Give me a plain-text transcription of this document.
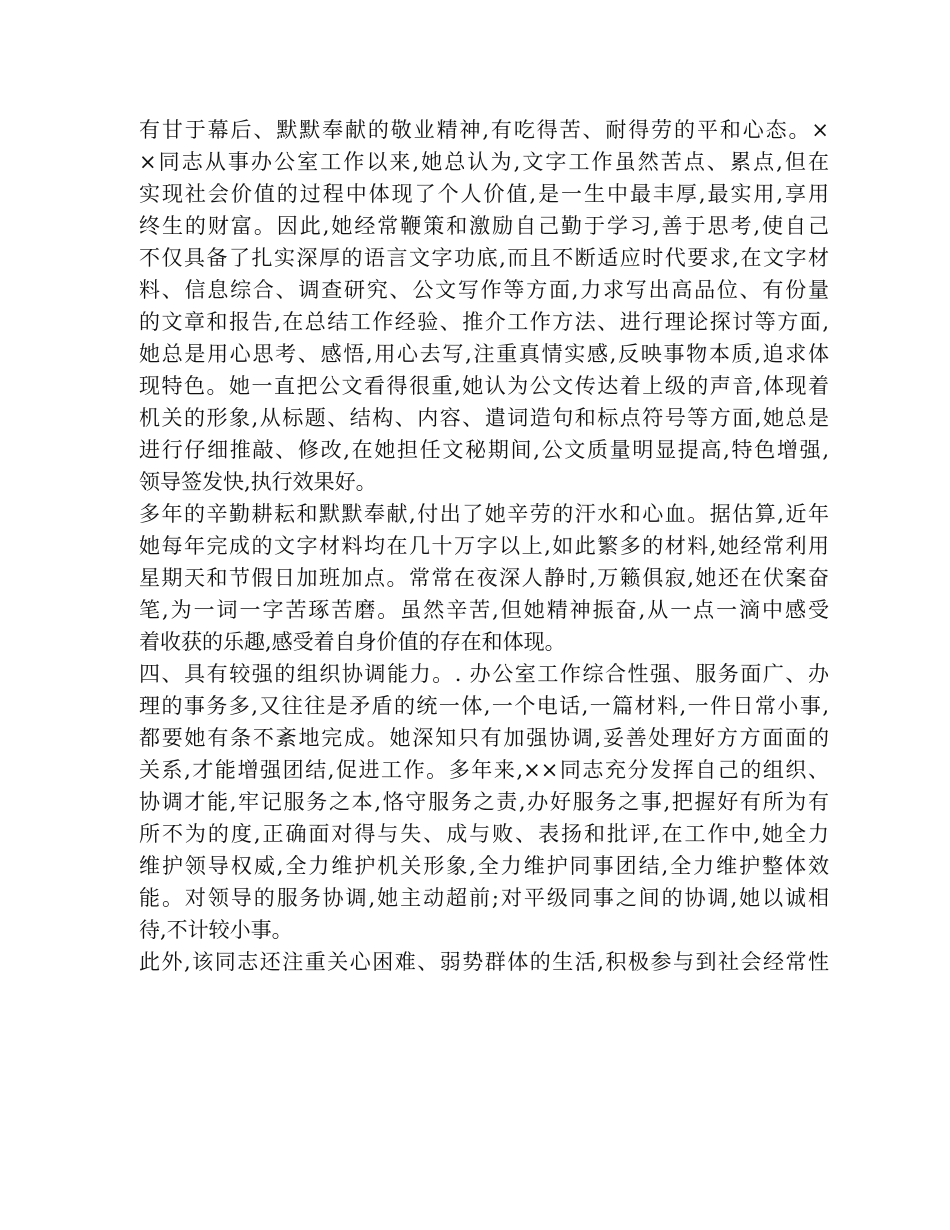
有甘于幕后、默默奉献的敬业精神,有吃得苦、耐得劳的平和心态。×
×同志从事办公室工作以来,她总认为,文字工作虽然苦点、累点,但在
实现社会价值的过程中体现了个人价值,是一生中最丰厚,最实用,享用
终生的财富。因此,她经常鞭策和激励自己勤于学习,善于思考,使自己
不仅具备了扎实深厚的语言文字功底,而且不断适应时代要求,在文字材
料、信息综合、调查研究、公文写作等方面,力求写出高品位、有份量
的文章和报告,在总结工作经验、推介工作方法、进行理论探讨等方面,
她总是用心思考、感悟,用心去写,注重真情实感,反映事物本质,追求体
现特色。她一直把公文看得很重,她认为公文传达着上级的声音,体现着
机关的形象,从标题、结构、内容、遣词造句和标点符号等方面,她总是
进行仔细推敲、修改,在她担任文秘期间,公文质量明显提高,特色增强,
领导签发快,执行效果好。
多年的辛勤耕耘和默默奉献,付出了她辛劳的汗水和心血。据估算,近年
她每年完成的文字材料均在几十万字以上,如此繁多的材料,她经常利用
星期天和节假日加班加点。常常在夜深人静时,万籁俱寂,她还在伏案奋
笔,为一词一字苦琢苦磨。虽然辛苦,但她精神振奋,从一点一滴中感受
着收获的乐趣,感受着自身价值的存在和体现。
四、具有较强的组织协调能力。. 办公室工作综合性强、服务面广、办
理的事务多,又往往是矛盾的统一体,一个电话,一篇材料,一件日常小事,
都要她有条不紊地完成。她深知只有加强协调,妥善处理好方方面面的
关系,才能增强团结,促进工作。多年来,××同志充分发挥自己的组织、
协调才能,牢记服务之本,恪守服务之责,办好服务之事,把握好有所为有
所不为的度,正确面对得与失、成与败、表扬和批评,在工作中,她全力
维护领导权威,全力维护机关形象,全力维护同事团结,全力维护整体效
能。对领导的服务协调,她主动超前;对平级同事之间的协调,她以诚相
待,不计较小事。
此外,该同志还注重关心困难、弱势群体的生活,积极参与到社会经常性
